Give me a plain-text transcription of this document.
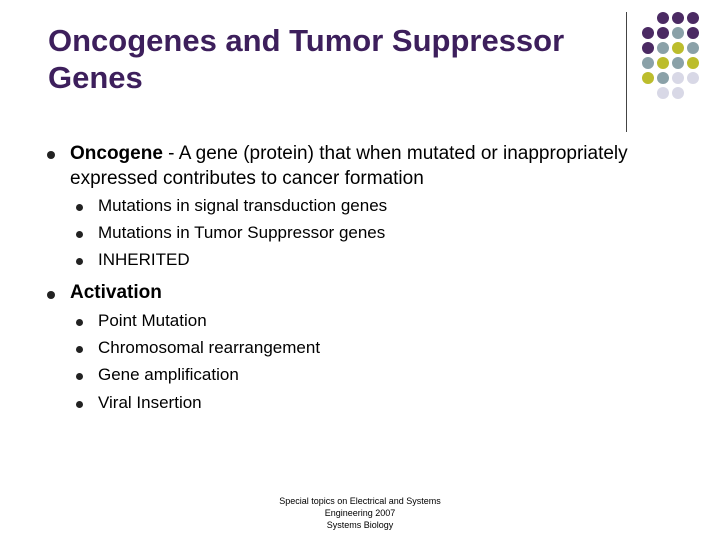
Oncogenes and Tumor Suppressor Genes
Oncogene - A gene (protein) that when mutated or inappropriately
expressed contributes to cancer formation
Mutations in signal transduction genes
Mutations in Tumor Suppressor genes
INHERITED
Activation
Point Mutation
Chromosomal rearrangement
Gene amplification
Viral Insertion
Special topics on Electrical and Systems
Engineering 2007
Systems Biology
